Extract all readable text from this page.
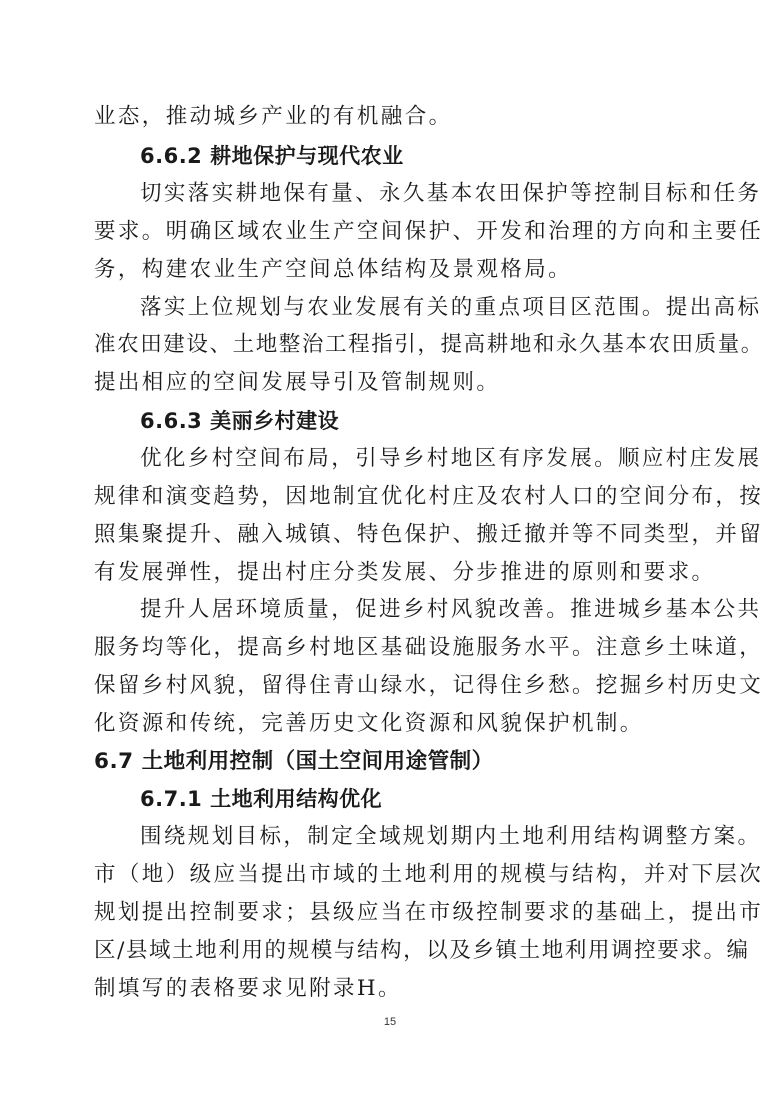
业态，推动城乡产业的有机融合。
6.6.2 耕地保护与现代农业
切实落实耕地保有量、永久基本农田保护等控制目标和任务
要求。明确区域农业生产空间保护、开发和治理的方向和主要任
务，构建农业生产空间总体结构及景观格局。
落实上位规划与农业发展有关的重点项目区范围。提出高标
准农田建设、土地整治工程指引，提高耕地和永久基本农田质量。
提出相应的空间发展导引及管制规则。
6.6.3 美丽乡村建设
优化乡村空间布局，引导乡村地区有序发展。顺应村庄发展
规律和演变趋势，因地制宜优化村庄及农村人口的空间分布，按
照集聚提升、融入城镇、特色保护、搬迁撤并等不同类型，并留
有发展弹性，提出村庄分类发展、分步推进的原则和要求。
提升人居环境质量，促进乡村风貌改善。推进城乡基本公共
服务均等化，提高乡村地区基础设施服务水平。注意乡土味道，
保留乡村风貌，留得住青山绿水，记得住乡愁。挖掘乡村历史文
化资源和传统，完善历史文化资源和风貌保护机制。
6.7 土地利用控制（国土空间用途管制）
6.7.1 土地利用结构优化
围绕规划目标，制定全域规划期内土地利用结构调整方案。
市（地）级应当提出市域的土地利用的规模与结构，并对下层次
规划提出控制要求；县级应当在市级控制要求的基础上，提出市
区/县域土地利用的规模与结构，以及乡镇土地利用调控要求。编
制填写的表格要求见附录H。
15
